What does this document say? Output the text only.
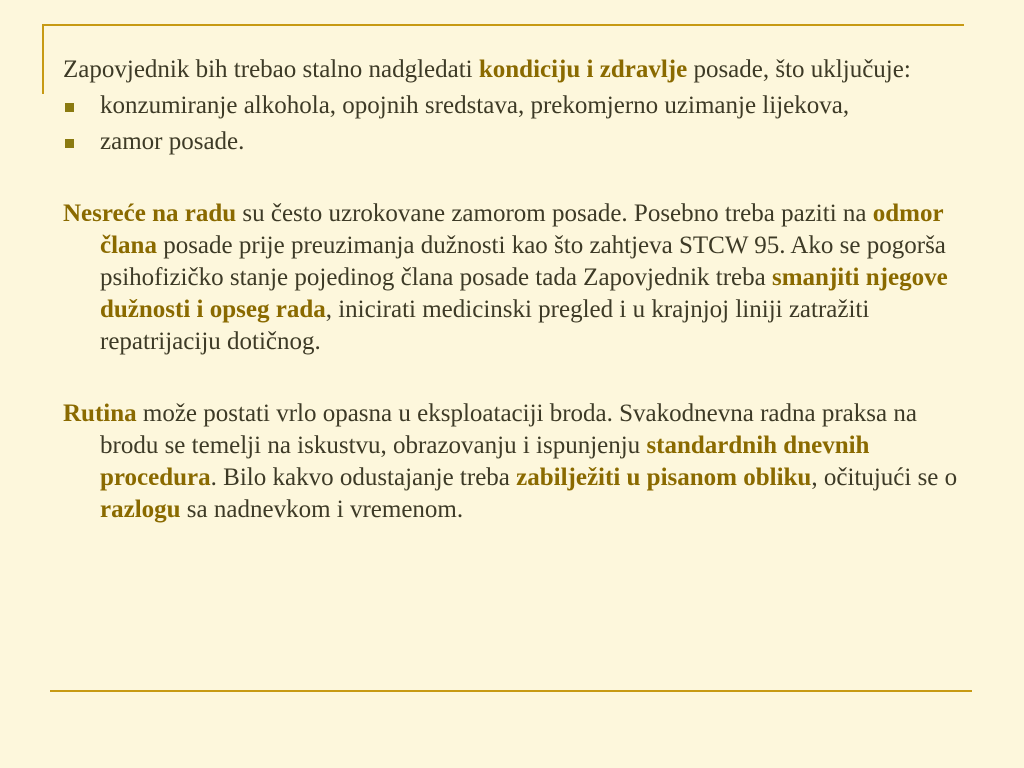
Zapovjednik bih trebao stalno nadgledati kondiciju i zdravlje posade, što uključuje:

konzumiranje alkohola, opojnih sredstava, prekomjerno uzimanje lijekova,
zamor posade.

Nesreće na radu su često uzrokovane zamorom posade. Posebno treba paziti na odmor člana posade prije preuzimanja dužnosti kao što zahtjeva STCW 95. Ako se pogorša psihofizičko stanje pojedinog člana posade tada Zapovjednik treba smanjiti njegove dužnosti i opseg rada, inicirati medicinski pregled i u krajnjoj liniji zatražiti repatrijaciju dotičnog.

Rutina može postati vrlo opasna u eksploataciji broda. Svakodnevna radna praksa na brodu se temelji na iskustvu, obrazovanju i ispunjenju standardnih dnevnih procedura. Bilo kakvo odustajanje treba zabilježiti u pisanom obliku, očitujući se o razlogu sa nadnevkom i vremenom.
